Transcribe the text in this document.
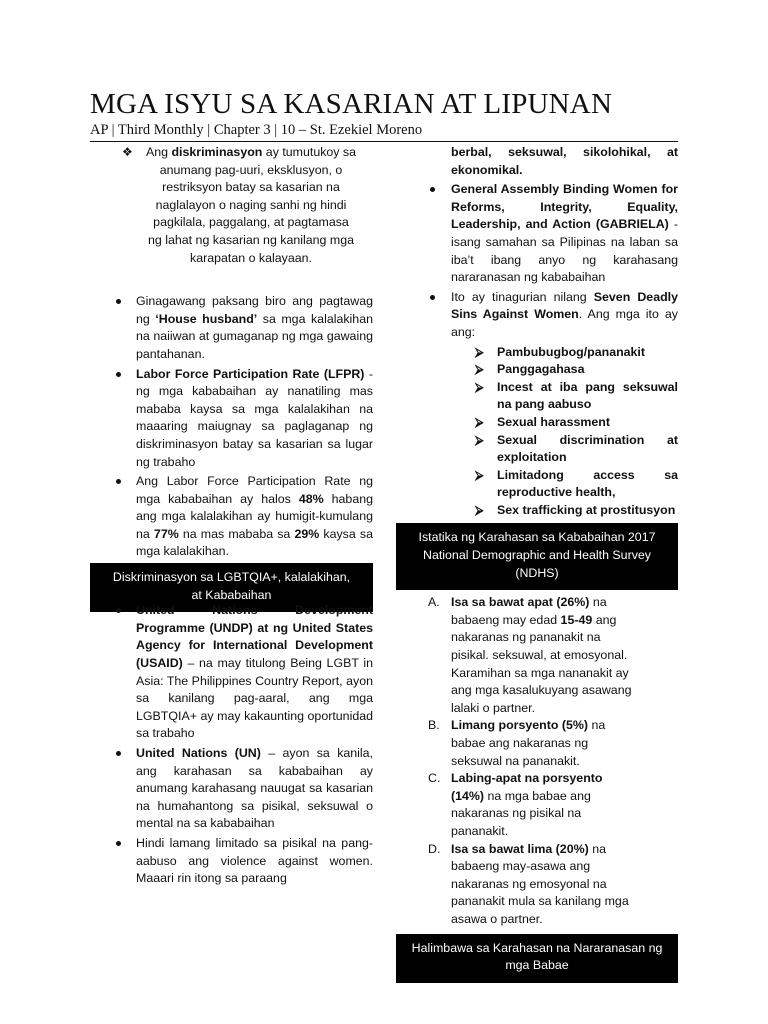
MGA ISYU SA KASARIAN AT LIPUNAN
AP | Third Monthly | Chapter 3 | 10 – St. Ezekiel Moreno
❖ Ang diskriminasyon ay tumutukoy sa anumang pag-uuri, eksklusyon, o restriksyon batay sa kasarian na naglalayon o naging sanhi ng hindi pagkilala, paggalang, at pagtamasa ng lahat ng kasarian ng kanilang mga karapatan o kalayaan.
Ginagawang paksang biro ang pagtawag ng ‘House husband’ sa mga kalalakihan na naiiwan at gumaganap ng mga gawaing pantahanan.
Labor Force Participation Rate (LFPR) - ng mga kababaihan ay nanatiling mas mababa kaysa sa mga kalalakihan na maaaring maiugnay sa paglaganap ng diskriminasyon batay sa kasarian sa lugar ng trabaho
Ang Labor Force Participation Rate ng mga kababaihan ay halos 48% habang ang mga kalalakihan ay humigit-kumulang na 77% na mas mababa sa 29% kaysa sa mga kalalakihan.
Diskriminasyon sa LGBTQIA+, kalalakihan, at Kababaihan
United Nations Development Programme (UNDP) at ng United States Agency for International Development (USAID) – na may titulong Being LGBT in Asia: The Philippines Country Report, ayon sa kanilang pag-aaral, ang mga LGBTQIA+ ay may kakaunting oportunidad sa trabaho
United Nations (UN) – ayon sa kanila, ang karahasan sa kababaihan ay anumang karahasang nauugat sa kasarian na humahantong sa pisikal, seksuwal o mental na sa kababaihan
Hindi lamang limitado sa pisikal na pang-aabuso ang violence against women. Maaari rin itong sa paraang
berbal, seksuwal, sikolohikal, at ekonomikal.
General Assembly Binding Women for Reforms, Integrity, Equality, Leadership, and Action (GABRIELA) - isang samahan sa Pilipinas na laban sa iba’t ibang anyo ng karahasang nararanasan ng kababaihan
Ito ay tinagurian nilang Seven Deadly Sins Against Women. Ang mga ito ay ang:
⮚ Pambubugbog/pananakit
⮚ Panggagahasa
⮚ Incest at iba pang seksuwal na pang aabuso
⮚ Sexual harassment
⮚ Sexual discrimination at exploitation
⮚ Limitadong access sa reproductive health,
⮚ Sex trafficking at prostitusyon
Istatika ng Karahasan sa Kababaihan 2017 National Demographic and Health Survey (NDHS)
A. Isa sa bawat apat (26%) na babaeng may edad 15-49 ang nakaranas ng pananakit na pisikal. seksuwal, at emosyonal. Karamihan sa mga nananakit ay ang mga kasalukuyang asawang lalaki o partner.
B. Limang porsyento (5%) na babae ang nakaranas ng seksuwal na pananakit.
C. Labing-apat na porsyento (14%) na mga babae ang nakaranas ng pisikal na pananakit.
D. Isa sa bawat lima (20%) na babaeng may-asawa ang nakaranas ng emosyonal na pananakit mula sa kanilang mga asawa o partner.
Halimbawa sa Karahasan na Nararanasan ng mga Babae
